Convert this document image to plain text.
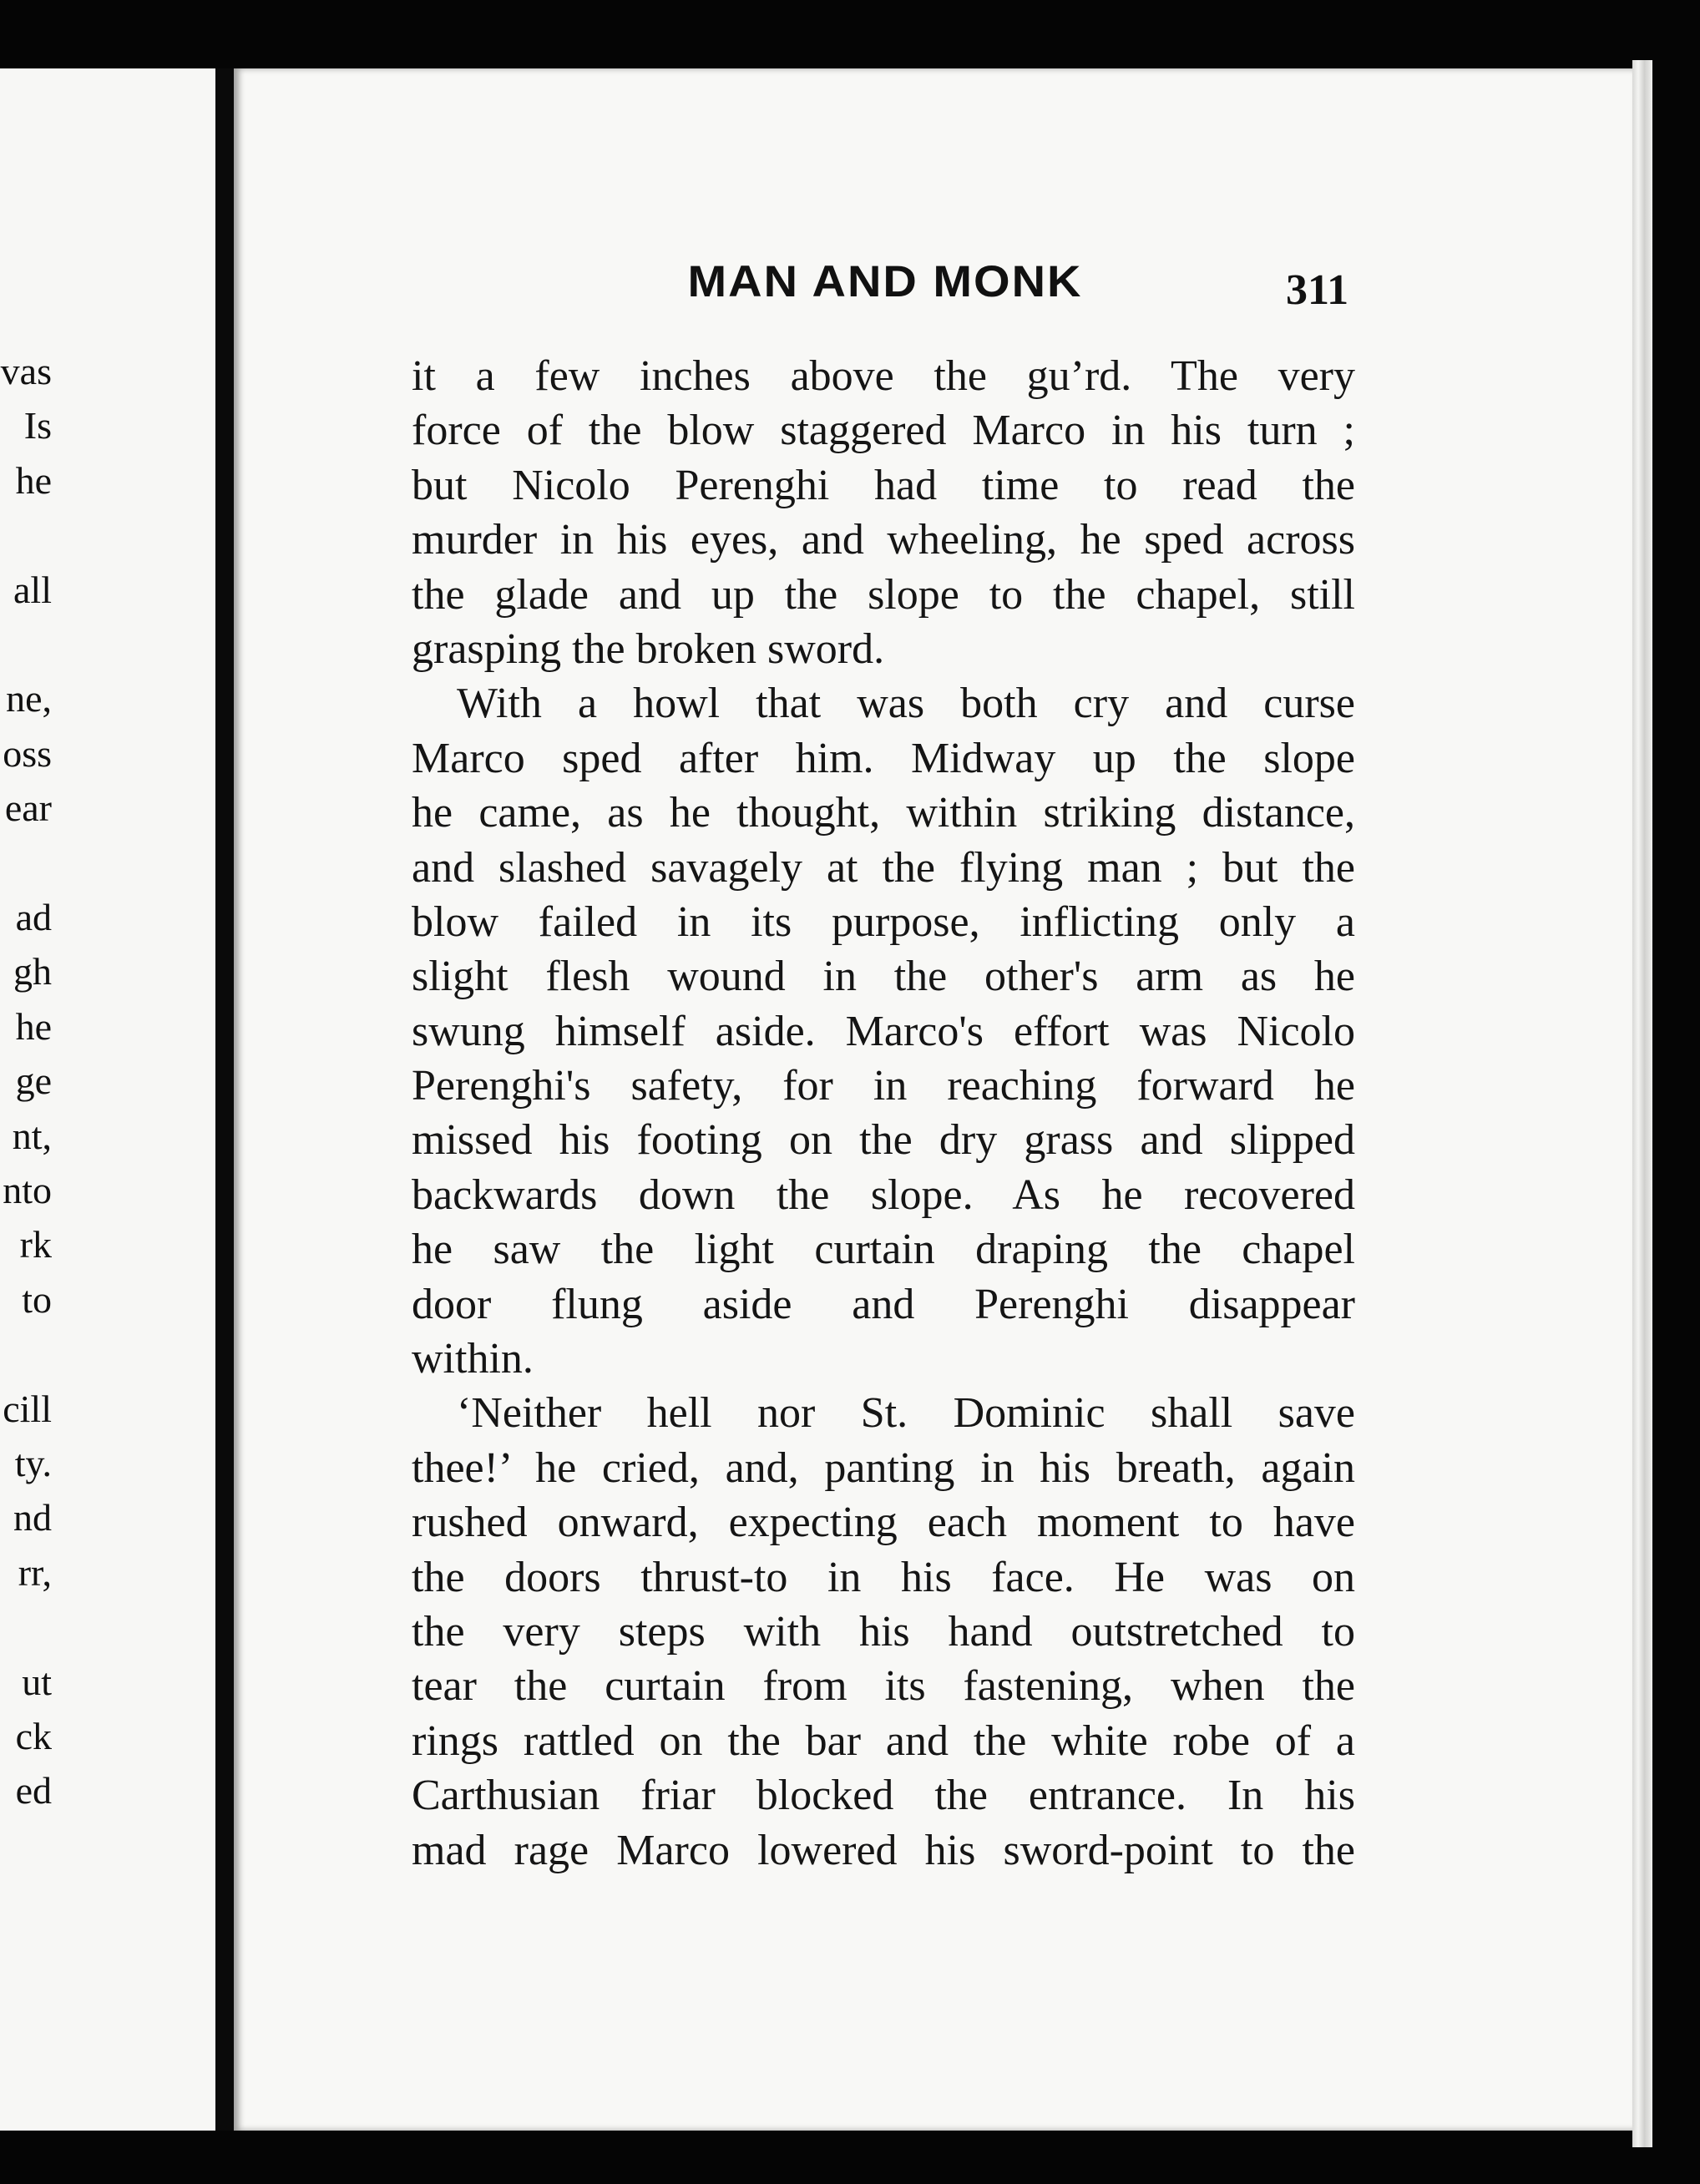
vas
Is
he
all
ne,
oss
ear
ad
gh
he
ge
nt,
nto
rk
to
cill
ty.
nd
rr,
ut
ck
ed
MAN AND MONK	311
it a few inches above the guʼrd. The very
force of the blow staggered Marco in his turn ;
but Nicolo Perenghi had time to read the
murder in his eyes, and wheeling, he sped across
the glade and up the slope to the chapel, still
grasping the broken sword.
With a howl that was both cry and curse
Marco sped after him. Midway up the slope
he came, as he thought, within striking distance,
and slashed savagely at the flying man ; but the
blow failed in its purpose, inflicting only a
slight flesh wound in the other's arm as he
swung himself aside. Marco's effort was Nicolo
Perenghi's safety, for in reaching forward he
missed his footing on the dry grass and slipped
backwards down the slope. As he recovered
he saw the light curtain draping the chapel
door flung aside and Perenghi disappear
within.
‘Neither hell nor St. Dominic shall save
thee!’ he cried, and, panting in his breath, again
rushed onward, expecting each moment to have
the doors thrust-to in his face. He was on
the very steps with his hand outstretched to
tear the curtain from its fastening, when the
rings rattled on the bar and the white robe of a
Carthusian friar blocked the entrance. In his
mad rage Marco lowered his sword-point to the
